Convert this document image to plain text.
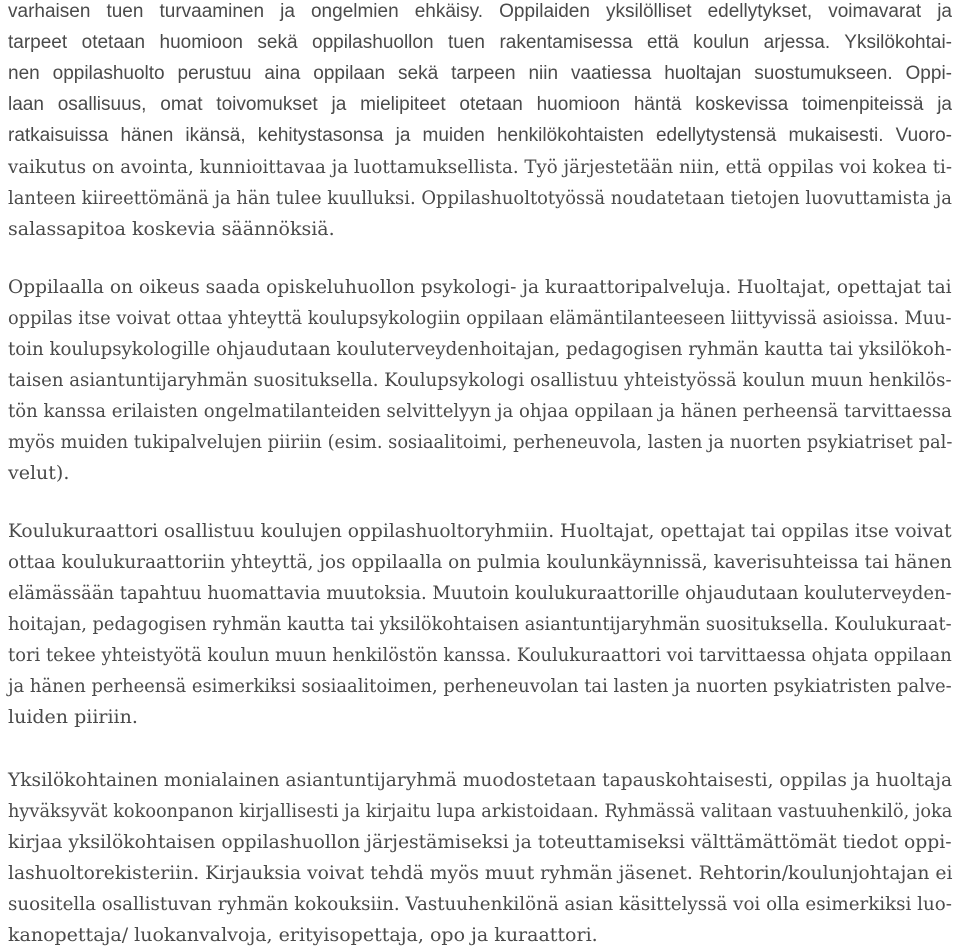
varhaisen tuen turvaaminen ja ongelmien ehkäisy. Oppilaiden yksilölliset edellytykset, voimavarat ja
tarpeet otetaan huomioon sekä oppilashuollon tuen rakentamisessa että koulun arjessa. Yksilökohtai-
nen oppilashuolto perustuu aina oppilaan sekä tarpeen niin vaatiessa huoltajan suostumukseen. Oppi-
laan osallisuus, omat toivomukset ja mielipiteet otetaan huomioon häntä koskevissa toimenpiteissä ja
ratkaisuissa hänen ikänsä, kehitystasonsa ja muiden henkilökohtaisten edellytystensä mukaisesti. Vuoro-
vaikutus on avointa, kunnioittavaa ja luottamuksellista. Työ järjestetään niin, että oppilas voi kokea ti-
lanteen kiireettömänä ja hän tulee kuulluksi. Oppilashuoltotyössä noudatetaan tietojen luovuttamista ja
salassapitoa koskevia säännöksiä.
Oppilaalla on oikeus saada opiskeluhuollon psykologi- ja kuraattoripalveluja. Huoltajat, opettajat tai
oppilas itse voivat ottaa yhteyttä koulupsykologiin oppilaan elämäntilanteeseen liittyvissä asioissa. Muu-
toin koulupsykologille ohjaudutaan kouluterveydenhoitajan, pedagogisen ryhmän kautta tai yksilökoh-
taisen asiantuntijaryhmän suosituksella. Koulupsykologi osallistuu yhteistyössä koulun muun henkilös-
tön kanssa erilaisten ongelmatilanteiden selvittelyyn ja ohjaa oppilaan ja hänen perheensä tarvittaessa
myös muiden tukipalvelujen piiriin (esim. sosiaalitoimi, perheneuvola, lasten ja nuorten psykiatriset pal-
velut).
Koulukuraattori osallistuu koulujen oppilashuoltoryhmiin. Huoltajat, opettajat tai oppilas itse voivat
ottaa koulukuraattoriin yhteyttä, jos oppilaalla on pulmia koulunkäynnissä, kaverisuhteissa tai hänen
elämässään tapahtuu huomattavia muutoksia. Muutoin koulukuraattorille ohjaudutaan kouluterveyden-
hoitajan, pedagogisen ryhmän kautta tai yksilökohtaisen asiantuntijaryhmän suosituksella. Koulukuraat-
tori tekee yhteistyötä koulun muun henkilöstön kanssa. Koulukuraattori voi tarvittaessa ohjata oppilaan
ja hänen perheensä esimerkiksi sosiaalitoimen, perheneuvolan tai lasten ja nuorten psykiatristen palve-
luiden piiriin.
Yksilökohtainen monialainen asiantuntijaryhmä muodostetaan tapauskohtaisesti, oppilas ja huoltaja
hyväksyvät kokoonpanon kirjallisesti ja kirjaitu lupa arkistoidaan. Ryhmässä valitaan vastuuhenkilö, joka
kirjaa yksilökohtaisen oppilashuollon järjestämiseksi ja toteuttamiseksi välttämättömät tiedot oppi-
lashuoltorekisteriin. Kirjauksia voivat tehdä myös muut ryhmän jäsenet. Rehtorin/koulunjohtajan ei
suositella osallistuvan ryhmän kokouksiin. Vastuuhenkilönä asian käsittelyssä voi olla esimerkiksi luo-
kanopettaja/ luokanvalvoja, erityisopettaja, opo ja kuraattori.
